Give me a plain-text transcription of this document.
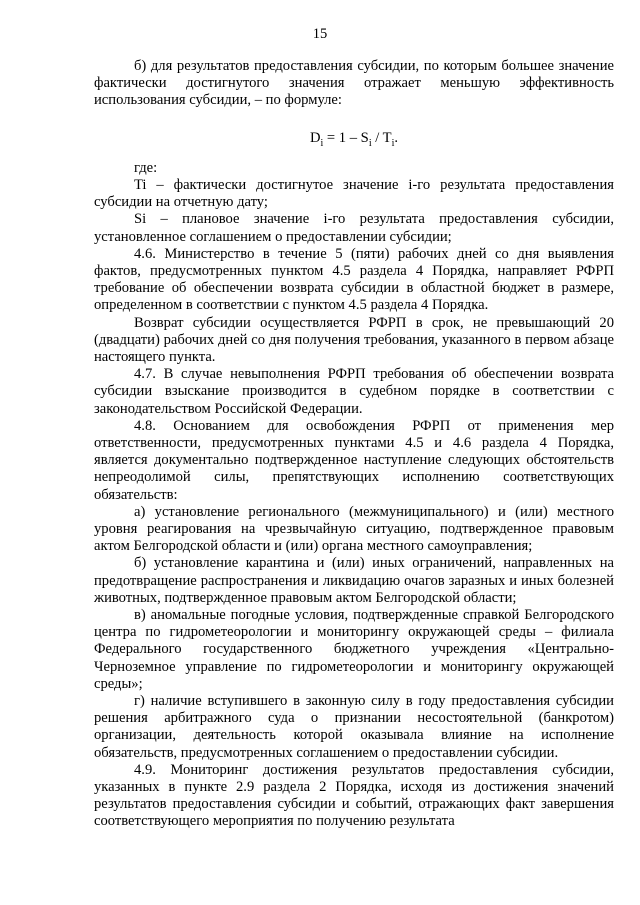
15

б) для результатов предоставления субсидии, по которым большее значение фактически достигнутого значения отражает меньшую эффективность использования субсидии, – по формуле:

$D_i = 1 - S_i / T_i$.

где:

Ti – фактически достигнутое значение i-го результата предоставления субсидии на отчетную дату;

Si – плановое значение i-го результата предоставления субсидии, установленное соглашением о предоставлении субсидии;

4.6. Министерство в течение 5 (пяти) рабочих дней со дня выявления фактов, предусмотренных пунктом 4.5 раздела 4 Порядка, направляет РФРП требование об обеспечении возврата субсидии в областной бюджет в размере, определенном в соответствии с пунктом 4.5 раздела 4 Порядка.

Возврат субсидии осуществляется РФРП в срок, не превышающий 20 (двадцати) рабочих дней со дня получения требования, указанного в первом абзаце настоящего пункта.

4.7. В случае невыполнения РФРП требования об обеспечении возврата субсидии взыскание производится в судебном порядке в соответствии с законодательством Российской Федерации.

4.8. Основанием для освобождения РФРП от применения мер ответственности, предусмотренных пунктами 4.5 и 4.6 раздела 4 Порядка, является документально подтвержденное наступление следующих обстоятельств непреодолимой силы, препятствующих исполнению соответствующих обязательств:

а) установление регионального (межмуниципального) и (или) местного уровня реагирования на чрезвычайную ситуацию, подтвержденное правовым актом Белгородской области и (или) органа местного самоуправления;

б) установление карантина и (или) иных ограничений, направленных на предотвращение распространения и ликвидацию очагов заразных и иных болезней животных, подтвержденное правовым актом Белгородской области;

в) аномальные погодные условия, подтвержденные справкой Белгородского центра по гидрометеорологии и мониторингу окружающей среды – филиала Федерального государственного бюджетного учреждения «Центрально-Черноземное управление по гидрометеорологии и мониторингу окружающей среды»;

г) наличие вступившего в законную силу в году предоставления субсидии решения арбитражного суда о признании несостоятельной (банкротом) организации, деятельность которой оказывала влияние на исполнение обязательств, предусмотренных соглашением о предоставлении субсидии.

4.9. Мониторинг достижения результатов предоставления субсидии, указанных в пункте 2.9 раздела 2 Порядка, исходя из достижения значений результатов предоставления субсидии и событий, отражающих факт завершения соответствующего мероприятия по получению результата
